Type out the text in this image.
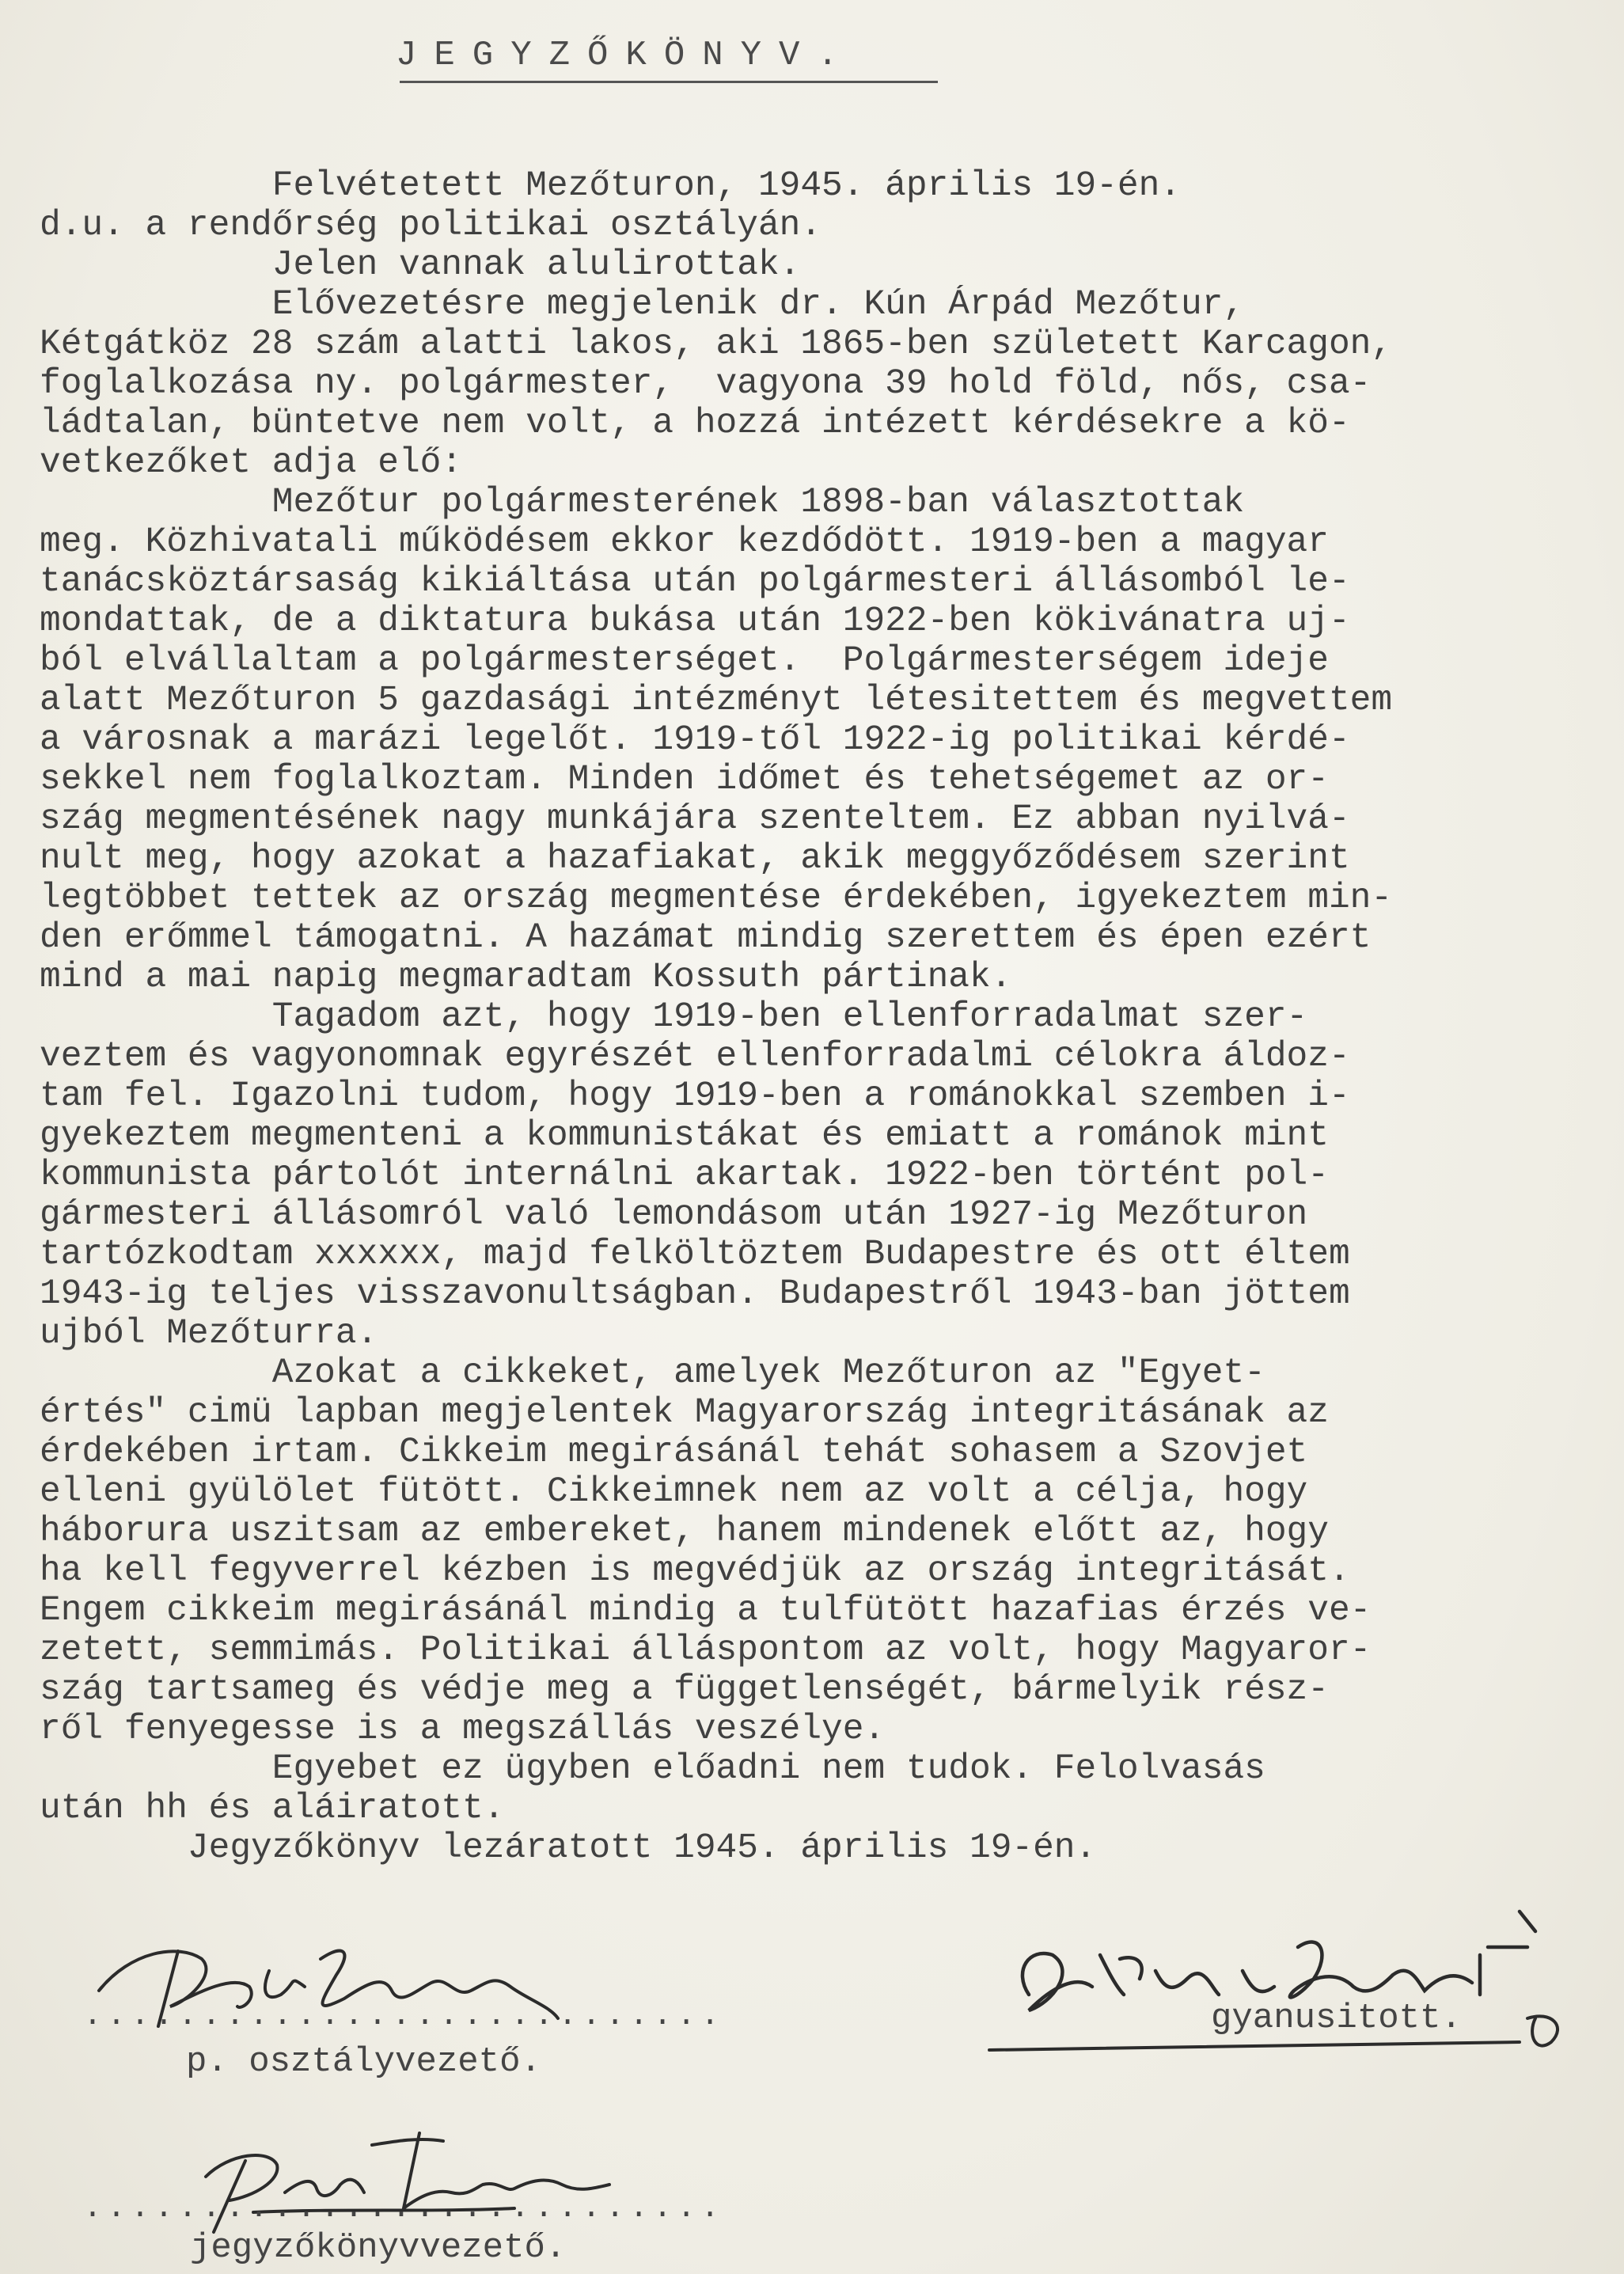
JEGYZŐKÖNYV.
Felvétetett Mezőturon, 1945. április 19-én.
d.u. a rendőrség politikai osztályán.
Jelen vannak alulirottak.
Elővezetésre megjelenik dr. Kún Árpád Mezőtur,
Kétgátköz 28 szám alatti lakos, aki 1865-ben született Karcagon,
foglalkozása ny. polgármester,  vagyona 39 hold föld, nős, csa-
ládtalan, büntetve nem volt, a hozzá intézett kérdésekre a kö-
vetkezőket adja elő:
Mezőtur polgármesterének 1898-ban választottak
meg. Közhivatali működésem ekkor kezdődött. 1919-ben a magyar
tanácsköztársaság kikiáltása után polgármesteri állásomból le-
mondattak, de a diktatura bukása után 1922-ben kökivánatra uj-
ból elvállaltam a polgármesterséget.  Polgármesterségem ideje
alatt Mezőturon 5 gazdasági intézményt létesitettem és megvettem
a városnak a marázi legelőt. 1919-től 1922-ig politikai kérdé-
sekkel nem foglalkoztam. Minden időmet és tehetségemet az or-
szág megmentésének nagy munkájára szenteltem. Ez abban nyilvá-
nult meg, hogy azokat a hazafiakat, akik meggyőződésem szerint
legtöbbet tettek az ország megmentése érdekében, igyekeztem min-
den erőmmel támogatni. A hazámat mindig szerettem és épen ezért
mind a mai napig megmaradtam Kossuth pártinak.
Tagadom azt, hogy 1919-ben ellenforradalmat szer-
veztem és vagyonomnak egyrészét ellenforradalmi célokra áldoz-
tam fel. Igazolni tudom, hogy 1919-ben a románokkal szemben i-
gyekeztem megmenteni a kommunistákat és emiatt a románok mint
kommunista pártolót internálni akartak. 1922-ben történt pol-
gármesteri állásomról való lemondásom után 1927-ig Mezőturon
tartózkodtam xxxxxx, majd felköltöztem Budapestre és ott éltem
1943-ig teljes visszavonultságban. Budapestről 1943-ban jöttem
ujból Mezőturra.
Azokat a cikkeket, amelyek Mezőturon az "Egyet-
értés" cimü lapban megjelentek Magyarország integritásának az
érdekében irtam. Cikkeim megirásánál tehát sohasem a Szovjet
elleni gyülölet fütött. Cikkeimnek nem az volt a célja, hogy
háborura uszitsam az embereket, hanem mindenek előtt az, hogy
ha kell fegyverrel kézben is megvédjük az ország integritását.
Engem cikkeim megirásánál mindig a tulfütött hazafias érzés ve-
zetett, semmimás. Politikai álláspontom az volt, hogy Magyaror-
szág tartsameg és védje meg a függetlenségét, bármelyik rész-
ről fenyegesse is a megszállás veszélye.
Egyebet ez ügyben előadni nem tudok. Felolvasás
után hh és aláiratott.
Jegyzőkönyv lezáratott 1945. április 19-én.
...........................
p. osztályvezető.
gyanusitott.
...........................
jegyzőkönyvvezető.
